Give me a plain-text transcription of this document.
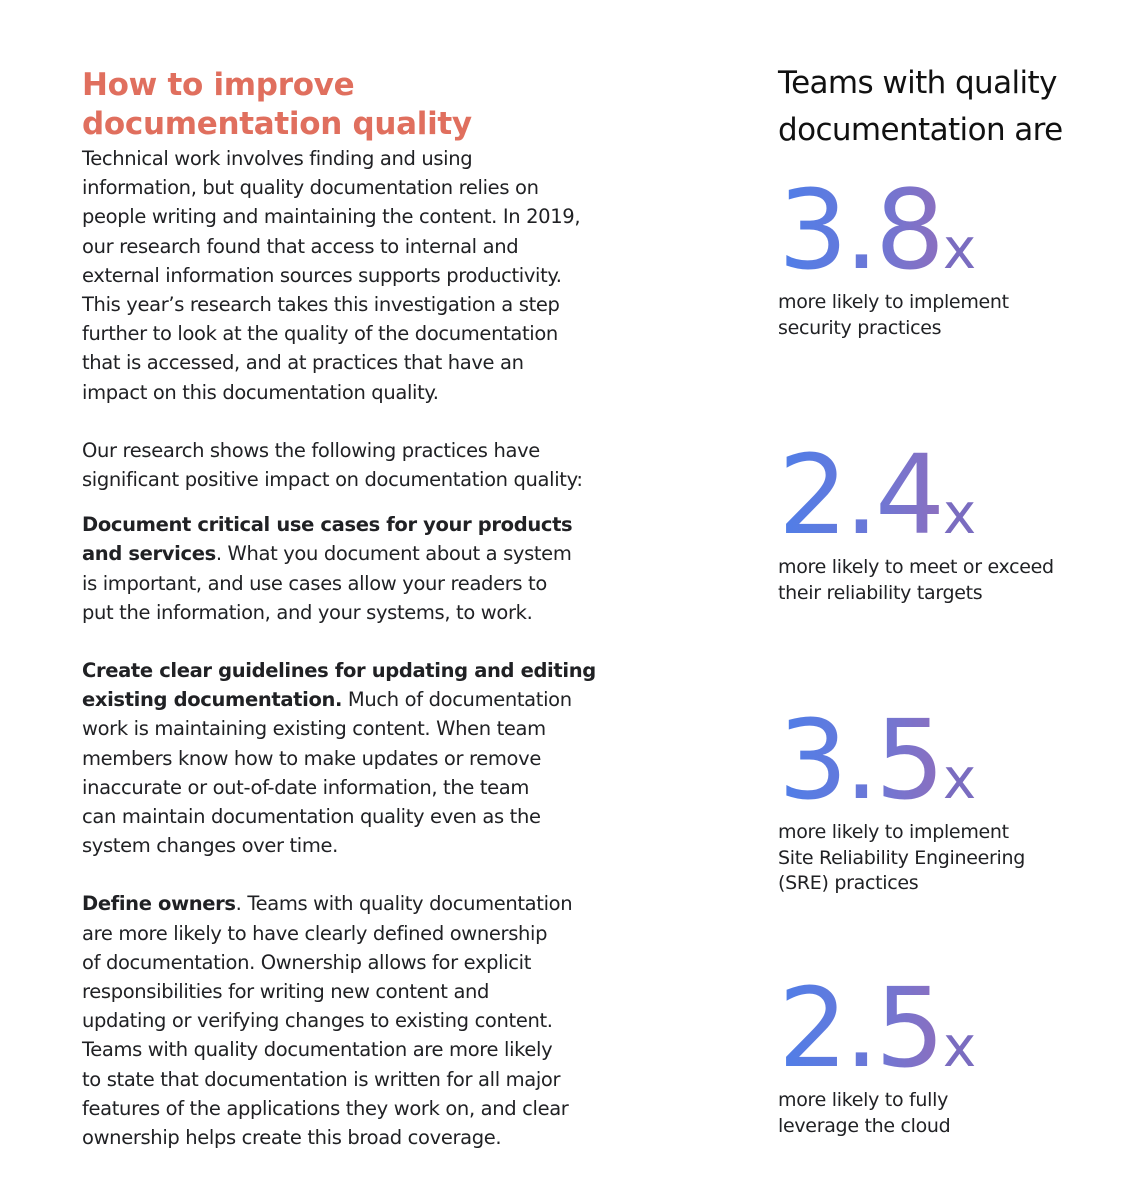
How to improve
documentation quality

Technical work involves finding and using
information, but quality documentation relies on
people writing and maintaining the content. In 2019,
our research found that access to internal and
external information sources supports productivity.
This year’s research takes this investigation a step
further to look at the quality of the documentation
that is accessed, and at practices that have an
impact on this documentation quality.

Our research shows the following practices have
significant positive impact on documentation quality:

Document critical use cases for your products
and services. What you document about a system
is important, and use cases allow your readers to
put the information, and your systems, to work.

Create clear guidelines for updating and editing
existing documentation. Much of documentation
work is maintaining existing content. When team
members know how to make updates or remove
inaccurate or out-of-date information, the team
can maintain documentation quality even as the
system changes over time.

Define owners. Teams with quality documentation
are more likely to have clearly defined ownership
of documentation. Ownership allows for explicit
responsibilities for writing new content and
updating or verifying changes to existing content.
Teams with quality documentation are more likely
to state that documentation is written for all major
features of the applications they work on, and clear
ownership helps create this broad coverage.

Teams with quality
documentation are
3.8 x
more likely to implement
security practices
2.4 x
more likely to meet or exceed
their reliability targets
3.5 x
more likely to implement
Site Reliability Engineering
(SRE) practices
2.5 x
more likely to fully
leverage the cloud
